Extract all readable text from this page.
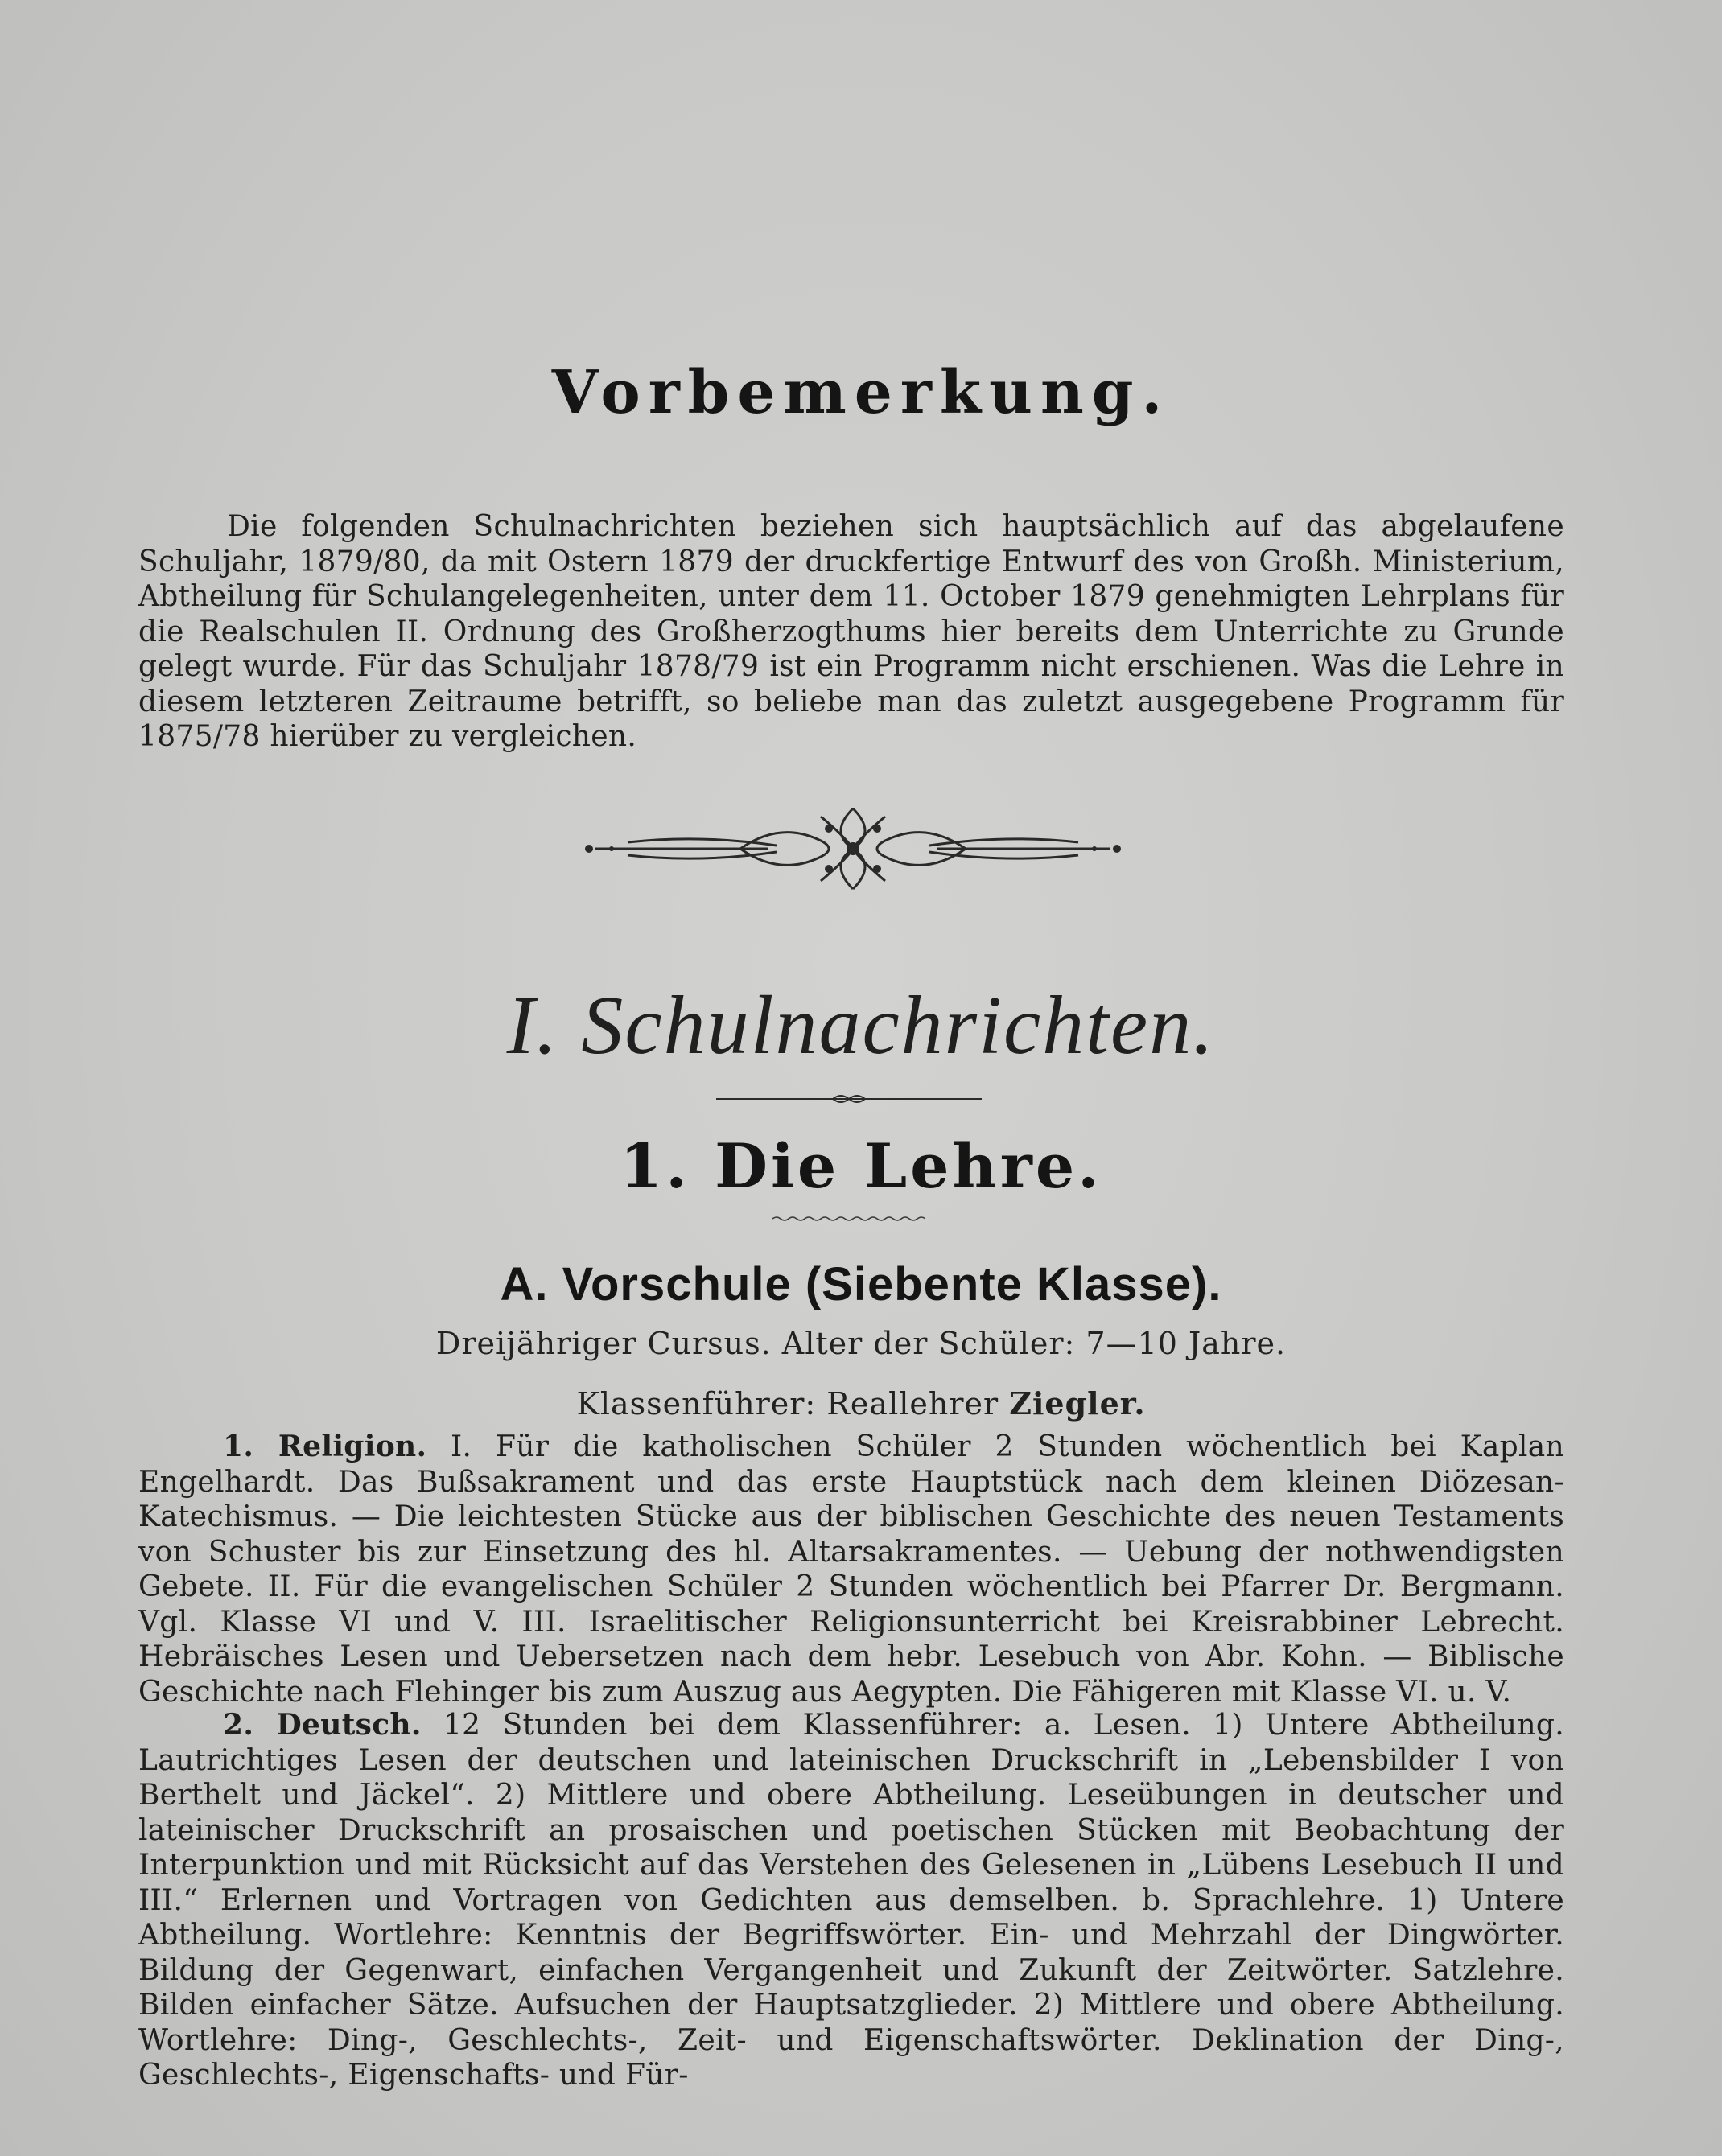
Vorbemerkung.
Die folgenden Schulnachrichten beziehen sich hauptsächlich auf das abgelaufene Schuljahr, 1879/80, da mit Ostern 1879 der druckfertige Entwurf des von Großh. Ministerium, Abtheilung für Schulangelegenheiten, unter dem 11. October 1879 genehmigten Lehrplans für die Realschulen II. Ordnung des Großherzogthums hier bereits dem Unterrichte zu Grunde gelegt wurde. Für das Schuljahr 1878/79 ist ein Programm nicht erschienen. Was die Lehre in diesem letzteren Zeitraume betrifft, so beliebe man das zuletzt ausgegebene Programm für 1875/78 hierüber zu vergleichen.
I. Schulnachrichten.
1. Die Lehre.
A. Vorschule (Siebente Klasse).
Dreijähriger Cursus. Alter der Schüler: 7—10 Jahre.
Klassenführer: Reallehrer Ziegler.
1. Religion. I. Für die katholischen Schüler 2 Stunden wöchentlich bei Kaplan Engelhardt. Das Bußsakrament und das erste Hauptstück nach dem kleinen Diözesan-Katechismus. — Die leichtesten Stücke aus der biblischen Geschichte des neuen Testaments von Schuster bis zur Einsetzung des hl. Altarsakramentes. — Uebung der nothwendigsten Gebete. II. Für die evangelischen Schüler 2 Stunden wöchentlich bei Pfarrer Dr. Bergmann. Vgl. Klasse VI und V. III. Israelitischer Religionsunterricht bei Kreisrabbiner Lebrecht. Hebräisches Lesen und Uebersetzen nach dem hebr. Lesebuch von Abr. Kohn. — Biblische Geschichte nach Flehinger bis zum Auszug aus Aegypten. Die Fähigeren mit Klasse VI. u. V.
2. Deutsch. 12 Stunden bei dem Klassenführer: a. Lesen. 1) Untere Abtheilung. Lautrichtiges Lesen der deutschen und lateinischen Druckschrift in „Lebensbilder I von Berthelt und Jäckel“. 2) Mittlere und obere Abtheilung. Leseübungen in deutscher und lateinischer Druckschrift an prosaischen und poetischen Stücken mit Beobachtung der Interpunktion und mit Rücksicht auf das Verstehen des Gelesenen in „Lübens Lesebuch II und III.“ Erlernen und Vortragen von Gedichten aus demselben. b. Sprachlehre. 1) Untere Abtheilung. Wortlehre: Kenntnis der Begriffswörter. Ein- und Mehrzahl der Dingwörter. Bildung der Gegenwart, einfachen Vergangenheit und Zukunft der Zeitwörter. Satzlehre. Bilden einfacher Sätze. Aufsuchen der Hauptsatzglieder. 2) Mittlere und obere Abtheilung. Wortlehre: Ding-, Geschlechts-, Zeit- und Eigenschaftswörter. Deklination der Ding-, Geschlechts-, Eigenschafts- und Für-
